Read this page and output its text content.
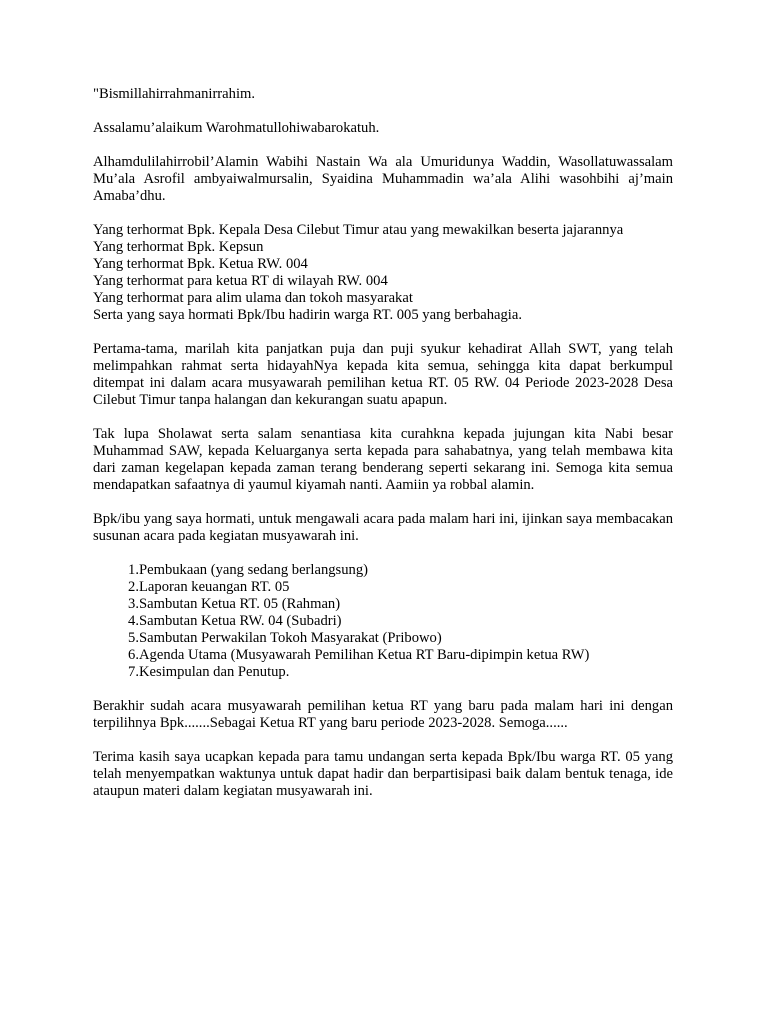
"Bismillahirrahmanirrahim.

Assalamu’alaikum Warohmatullohiwabarokatuh.

Alhamdulilahirrobil’Alamin Wabihi Nastain Wa ala Umuridunya Waddin, Wasollatuwassalam Mu’ala Asrofil ambyaiwalmursalin, Syaidina Muhammadin wa’ala Alihi wasohbihi aj’main Amaba’dhu.

Yang terhormat Bpk. Kepala Desa Cilebut Timur atau yang mewakilkan beserta jajarannya
Yang terhormat Bpk. Kepsun
Yang terhormat Bpk. Ketua RW. 004
Yang terhormat para ketua RT di wilayah RW. 004
Yang terhormat para alim ulama dan tokoh masyarakat
Serta yang saya hormati Bpk/Ibu hadirin warga RT. 005 yang berbahagia.

Pertama-tama, marilah kita panjatkan puja dan puji syukur kehadirat Allah SWT, yang telah melimpahkan rahmat serta hidayahNya kepada kita semua, sehingga kita dapat berkumpul ditempat ini dalam acara musyawarah pemilihan ketua RT. 05 RW. 04 Periode 2023-2028 Desa Cilebut Timur tanpa halangan dan kekurangan suatu apapun.

Tak lupa Sholawat serta salam senantiasa kita curahkna kepada jujungan kita Nabi besar Muhammad SAW, kepada Keluarganya serta kepada para sahabatnya, yang telah membawa kita dari zaman kegelapan kepada zaman terang benderang seperti sekarang ini. Semoga kita semua mendapatkan safaatnya di yaumul kiyamah nanti. Aamiin ya robbal alamin.

Bpk/ibu yang saya hormati, untuk mengawali acara pada malam hari ini, ijinkan saya membacakan susunan acara pada kegiatan musyawarah ini.

1. Pembukaan (yang sedang berlangsung)
2. Laporan keuangan RT. 05
3. Sambutan Ketua RT. 05 (Rahman)
4. Sambutan Ketua RW. 04 (Subadri)
5. Sambutan Perwakilan Tokoh Masyarakat (Pribowo)
6. Agenda Utama (Musyawarah Pemilihan Ketua RT Baru-dipimpin ketua RW)
7. Kesimpulan dan Penutup.

Berakhir sudah acara musyawarah pemilihan ketua RT yang baru pada malam hari ini dengan terpilihnya Bpk.......Sebagai Ketua RT yang baru periode 2023-2028. Semoga......

Terima kasih saya ucapkan kepada para tamu undangan serta kepada Bpk/Ibu warga RT. 05 yang telah menyempatkan waktunya untuk dapat hadir dan berpartisipasi baik dalam bentuk tenaga, ide ataupun materi dalam kegiatan musyawarah ini.
